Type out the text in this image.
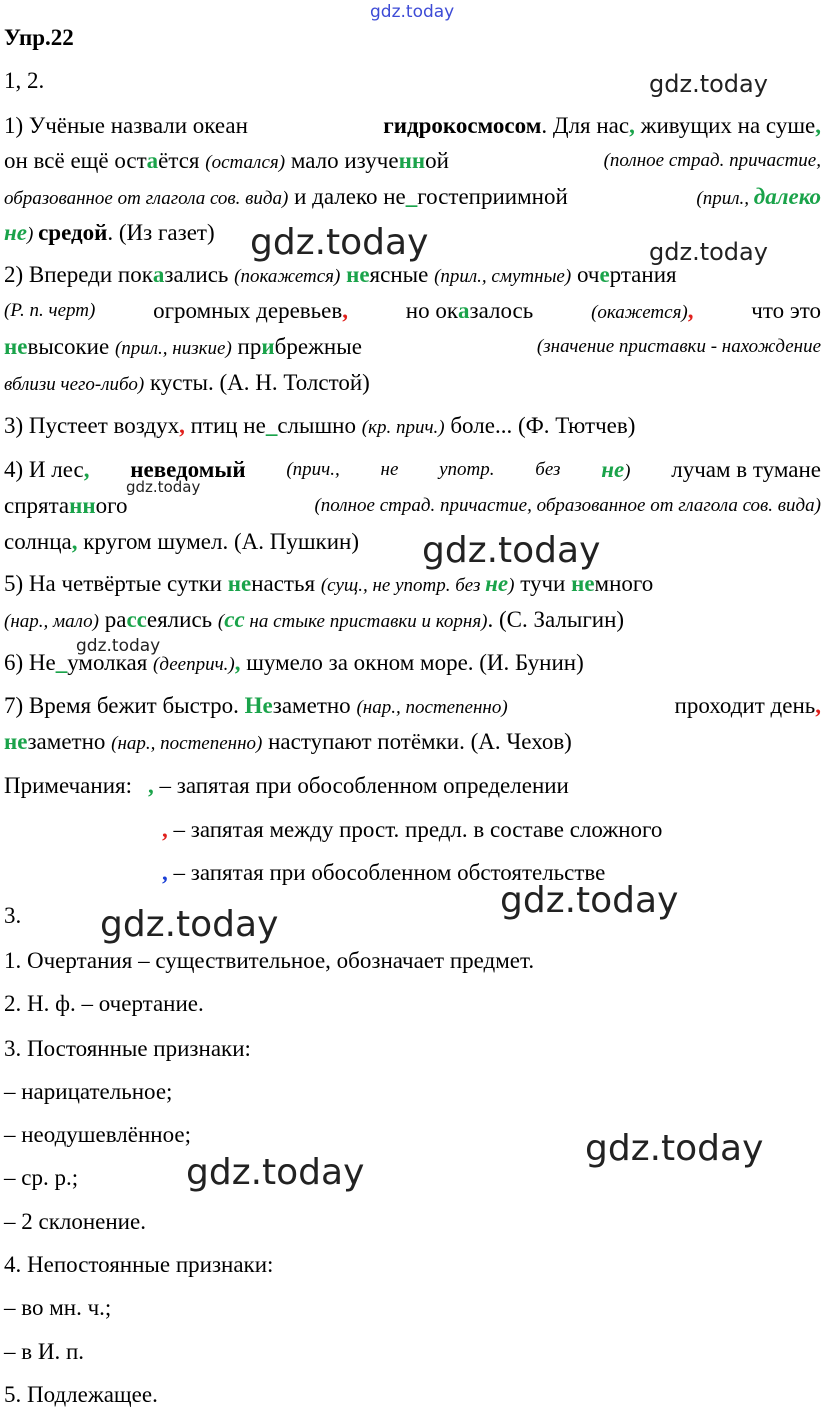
gdz.today
gdz.today
gdz.today	gdz.today
gdz.today
gdz.today
gdz.today
gdz.today
gdz.today
gdz.today
gdz.today
Упр.22
1, 2.
1) Учёные назвали океан	гидрокосмосом. Для нас, живущих на суше,
он всё ещё остаётся (остался) мало изученной	(полное страд. причастие,
образованное от глагола сов. вида) и далеко не_гостеприимной	(прил., далеко
не) средой. (Из газет)
2) Впереди показались (покажется) неясные (прил., смутные) очертания
(Р. п. черт)	огромных деревьев,	но оказалось	(окажется),	что это
невысокие (прил., низкие) прибрежные	(значение приставки - нахождение
вблизи чего-либо) кусты. (А. Н. Толстой)
3) Пустеет воздух, птиц не_слышно (кр. прич.) боле... (Ф. Тютчев)
4) И лес, неведомый (прич., не употр. без не) лучам в тумане
спрятанного	(полное страд. причастие, образованное от глагола сов. вида)
солнца, кругом шумел. (А. Пушкин)
5) На четвёртые сутки ненастья (сущ., не употр. без не) тучи немного
(нар., мало) рассеялись (сс на стыке приставки и корня). (С. Залыгин)
6) Не_умолкая (дееприч.), шумело за окном море. (И. Бунин)
7) Время бежит быстро. Незаметно (нар., постепенно)	проходит день,
незаметно (нар., постепенно) наступают потёмки. (А. Чехов)
Примечания: , – запятая при обособленном определении
, – запятая между прост. предл. в составе сложного
, – запятая при обособленном обстоятельстве
3.
1. Очертания – существительное, обозначает предмет.
2. Н. ф. – очертание.
3. Постоянные признаки:
– нарицательное;
– неодушевлённое;
– ср. р.;
– 2 склонение.
4. Непостоянные признаки:
– во мн. ч.;
– в И. п.
5. Подлежащее.
